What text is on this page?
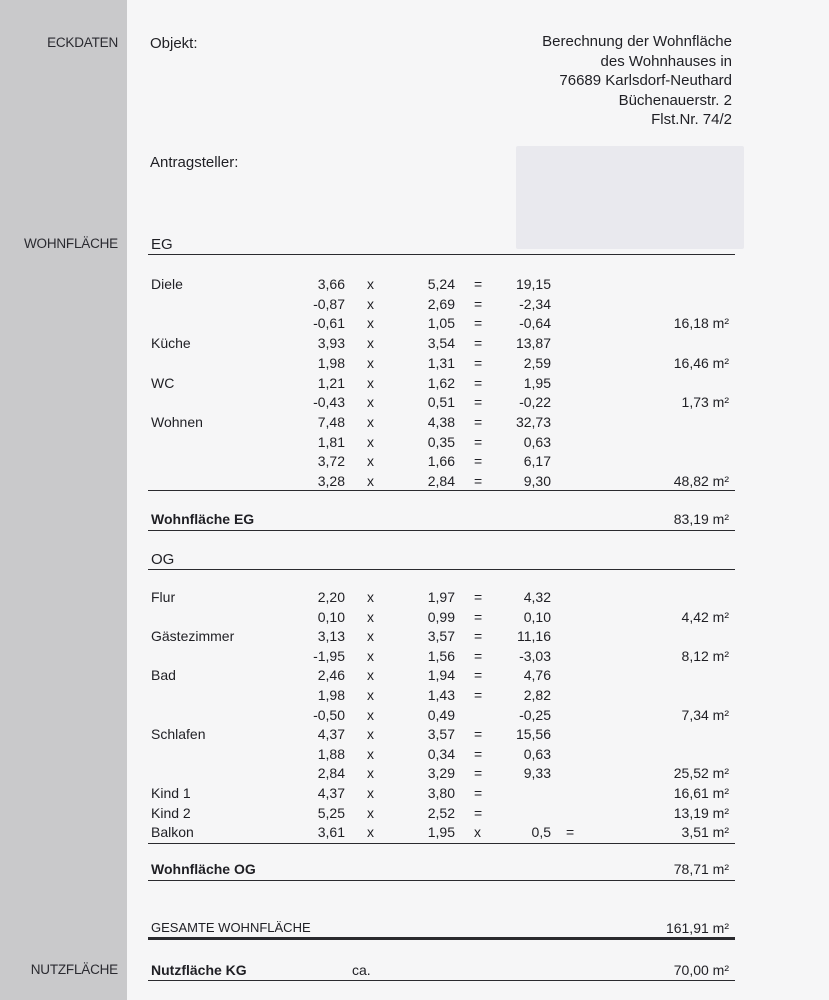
ECKDATEN
WOHNFLÄCHE
NUTZFLÄCHE
Objekt:	Berechnung der Wohnfläche
des Wohnhauses in
76689 Karlsdorf-Neuthard
Büchenauerstr. 2
Flst.Nr. 74/2
Antragsteller:
EG
Diele	3,66 x	5,24 = 19,15
-0,87 x	2,69 =	-2,34
-0,61 x	1,05 =	-0,64	16,18 m²
Küche	3,93 x	3,54 = 13,87
1,98 x	1,31 =	2,59	16,46 m²
WC	1,21 x	1,62 =	1,95
-0,43 x	0,51 =	-0,22	1,73 m²
Wohnen	7,48 x	4,38 = 32,73
1,81 x	0,35 =	0,63
3,72 x	1,66 =	6,17
3,28 x	2,84 =	9,30	48,82 m²
Wohnfläche EG	83,19 m²
OG
Flur	2,20 x	1,97 =	4,32
0,10 x	0,99 =	0,10	4,42 m²
Gästezimmer	3,13 x	3,57 = 11,16
-1,95 x	1,56 =	-3,03	8,12 m²
Bad	2,46 x	1,94 =	4,76
1,98 x	1,43 =	2,82
-0,50 x	0,49	-0,25	7,34 m²
Schlafen	4,37 x	3,57 = 15,56
1,88 x	0,34 =	0,63
2,84 x	3,29 =	9,33	25,52 m²
Kind 1	4,37 x	3,80 =	16,61 m²
Kind 2	5,25 x	2,52 =	13,19 m²
Balkon	3,61 x	1,95 x	0,5 =	3,51 m²
Wohnfläche OG	78,71 m²
GESAMTE WOHNFLÄCHE	161,91 m²
Nutzfläche KG	ca.	70,00 m²
